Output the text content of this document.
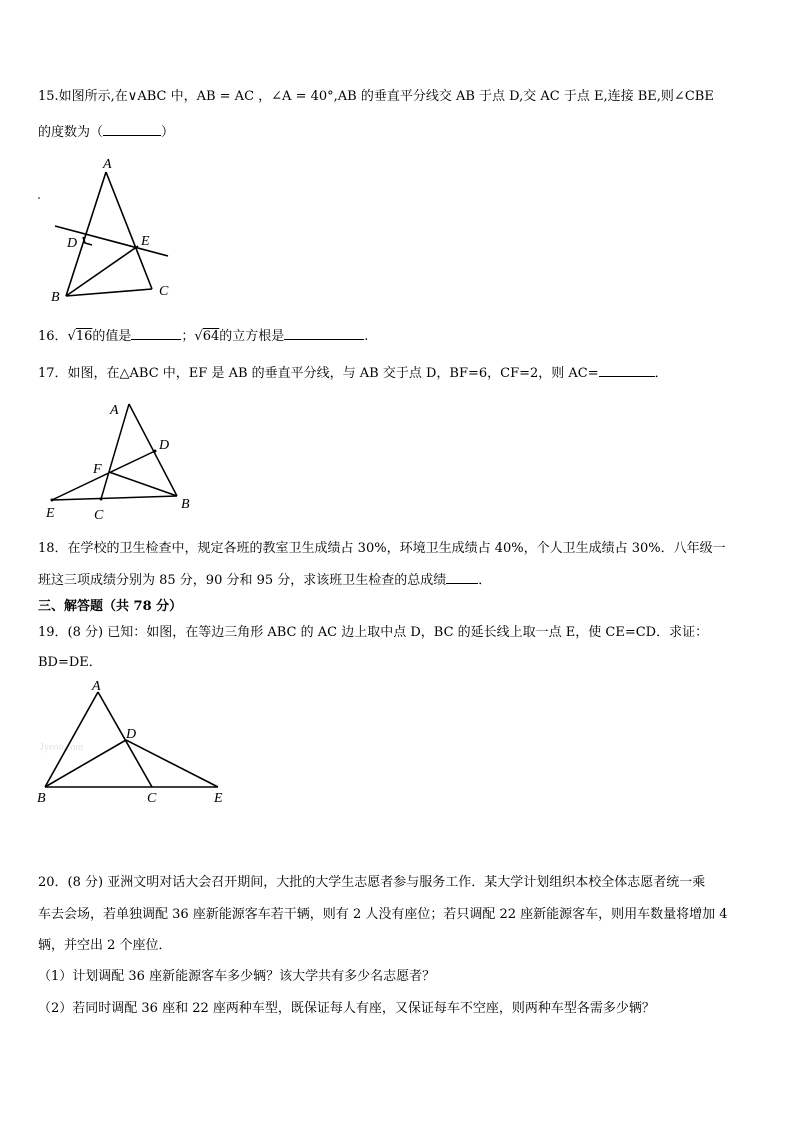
15.如图所示,在∨ABC 中，AB = AC ，∠A = 40°,AB 的垂直平分线交 AB 于点 D,交 AC 于点 E,连接 BE,则∠CBE
的度数为（	）
A
D	E
B	C
16．√16的值是	；√64的立方根是	.
17．如图，在△ABC 中，EF 是 AB 的垂直平分线，与 AB 交于点 D，BF=6，CF=2，则 AC=	．
A
D
F
E	C
B
18．在学校的卫生检查中，规定各班的教室卫生成绩占 30%，环境卫生成绩占 40%，个人卫生成绩占 30%．八年级一
班这三项成绩分别为 85 分，90 分和 95 分，求该班卫生检查的总成绩 ．
三、解答题（共 78 分）
19．(8 分) 已知：如图，在等边三角形 ABC 的 AC 边上取中点 D，BC 的延长线上取一点 E，使 CE=CD．求证：
BD=DE．
Jyeoo.com
A
D
B	C	E
20．(8 分) 亚洲文明对话大会召开期间，大批的大学生志愿者参与服务工作．某大学计划组织本校全体志愿者统一乘
车去会场，若单独调配 36 座新能源客车若干辆，则有 2 人没有座位；若只调配 22 座新能源客车，则用车数量将增加 4
辆，并空出 2 个座位．
（1）计划调配 36 座新能源客车多少辆？该大学共有多少名志愿者？
（2）若同时调配 36 座和 22 座两种车型，既保证每人有座，又保证每车不空座，则两种车型各需多少辆？
